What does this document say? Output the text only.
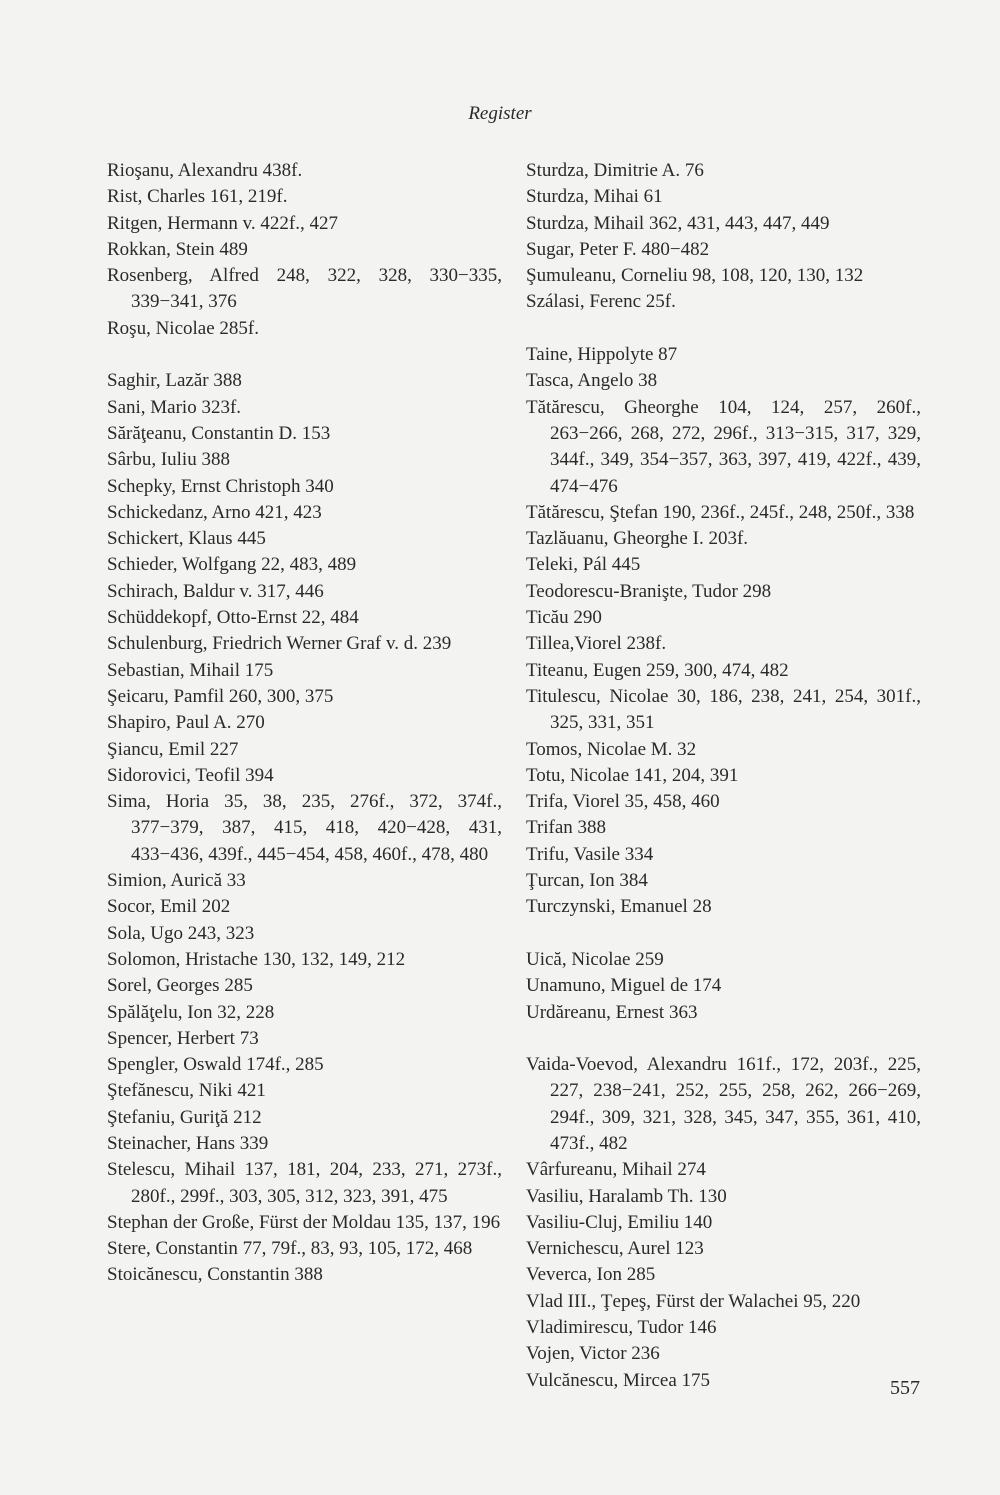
Register
Rioşanu, Alexandru 438f.
Rist, Charles 161, 219f.
Ritgen, Hermann v. 422f., 427
Rokkan, Stein 489
Rosenberg, Alfred 248, 322, 328, 330−335, 339−341, 376
Roşu, Nicolae 285f.
Saghir, Lazăr 388
Sani, Mario 323f.
Sărăţeanu, Constantin D. 153
Sârbu, Iuliu 388
Schepky, Ernst Christoph 340
Schickedanz, Arno 421, 423
Schickert, Klaus 445
Schieder, Wolfgang 22, 483, 489
Schirach, Baldur v. 317, 446
Schüddekopf, Otto-Ernst 22, 484
Schulenburg, Friedrich Werner Graf v. d. 239
Sebastian, Mihail 175
Şeicaru, Pamfil 260, 300, 375
Shapiro, Paul A. 270
Şiancu, Emil 227
Sidorovici, Teofil 394
Sima, Horia 35, 38, 235, 276f., 372, 374f., 377−379, 387, 415, 418, 420−428, 431, 433−436, 439f., 445−454, 458, 460f., 478, 480
Simion, Aurică 33
Socor, Emil 202
Sola, Ugo 243, 323
Solomon, Hristache 130, 132, 149, 212
Sorel, Georges 285
Spălăţelu, Ion 32, 228
Spencer, Herbert 73
Spengler, Oswald 174f., 285
Ştefănescu, Niki 421
Ştefaniu, Guriţă 212
Steinacher, Hans 339
Stelescu, Mihail 137, 181, 204, 233, 271, 273f., 280f., 299f., 303, 305, 312, 323, 391, 475
Stephan der Große, Fürst der Moldau 135, 137, 196
Stere, Constantin 77, 79f., 83, 93, 105, 172, 468
Stoicănescu, Constantin 388
Sturdza, Dimitrie A. 76
Sturdza, Mihai 61
Sturdza, Mihail 362, 431, 443, 447, 449
Sugar, Peter F. 480−482
Şumuleanu, Corneliu 98, 108, 120, 130, 132
Szálasi, Ferenc 25f.
Taine, Hippolyte 87
Tasca, Angelo 38
Tătărescu, Gheorghe 104, 124, 257, 260f., 263−266, 268, 272, 296f., 313−315, 317, 329, 344f., 349, 354−357, 363, 397, 419, 422f., 439, 474−476
Tătărescu, Ştefan 190, 236f., 245f., 248, 250f., 338
Tazlăuanu, Gheorghe I. 203f.
Teleki, Pál 445
Teodorescu-Branişte, Tudor 298
Ticău 290
Tillea,Viorel 238f.
Titeanu, Eugen 259, 300, 474, 482
Titulescu, Nicolae 30, 186, 238, 241, 254, 301f., 325, 331, 351
Tomos, Nicolae M. 32
Totu, Nicolae 141, 204, 391
Trifa, Viorel 35, 458, 460
Trifan 388
Trifu, Vasile 334
Ţurcan, Ion 384
Turczynski, Emanuel 28
Uică, Nicolae 259
Unamuno, Miguel de 174
Urdăreanu, Ernest 363
Vaida-Voevod, Alexandru 161f., 172, 203f., 225, 227, 238−241, 252, 255, 258, 262, 266−269, 294f., 309, 321, 328, 345, 347, 355, 361, 410, 473f., 482
Vârfureanu, Mihail 274
Vasiliu, Haralamb Th. 130
Vasiliu-Cluj, Emiliu 140
Vernichescu, Aurel 123
Veverca, Ion 285
Vlad III., Ţepeş, Fürst der Walachei 95, 220
Vladimirescu, Tudor 146
Vojen, Victor 236
Vulcănescu, Mircea 175	557
